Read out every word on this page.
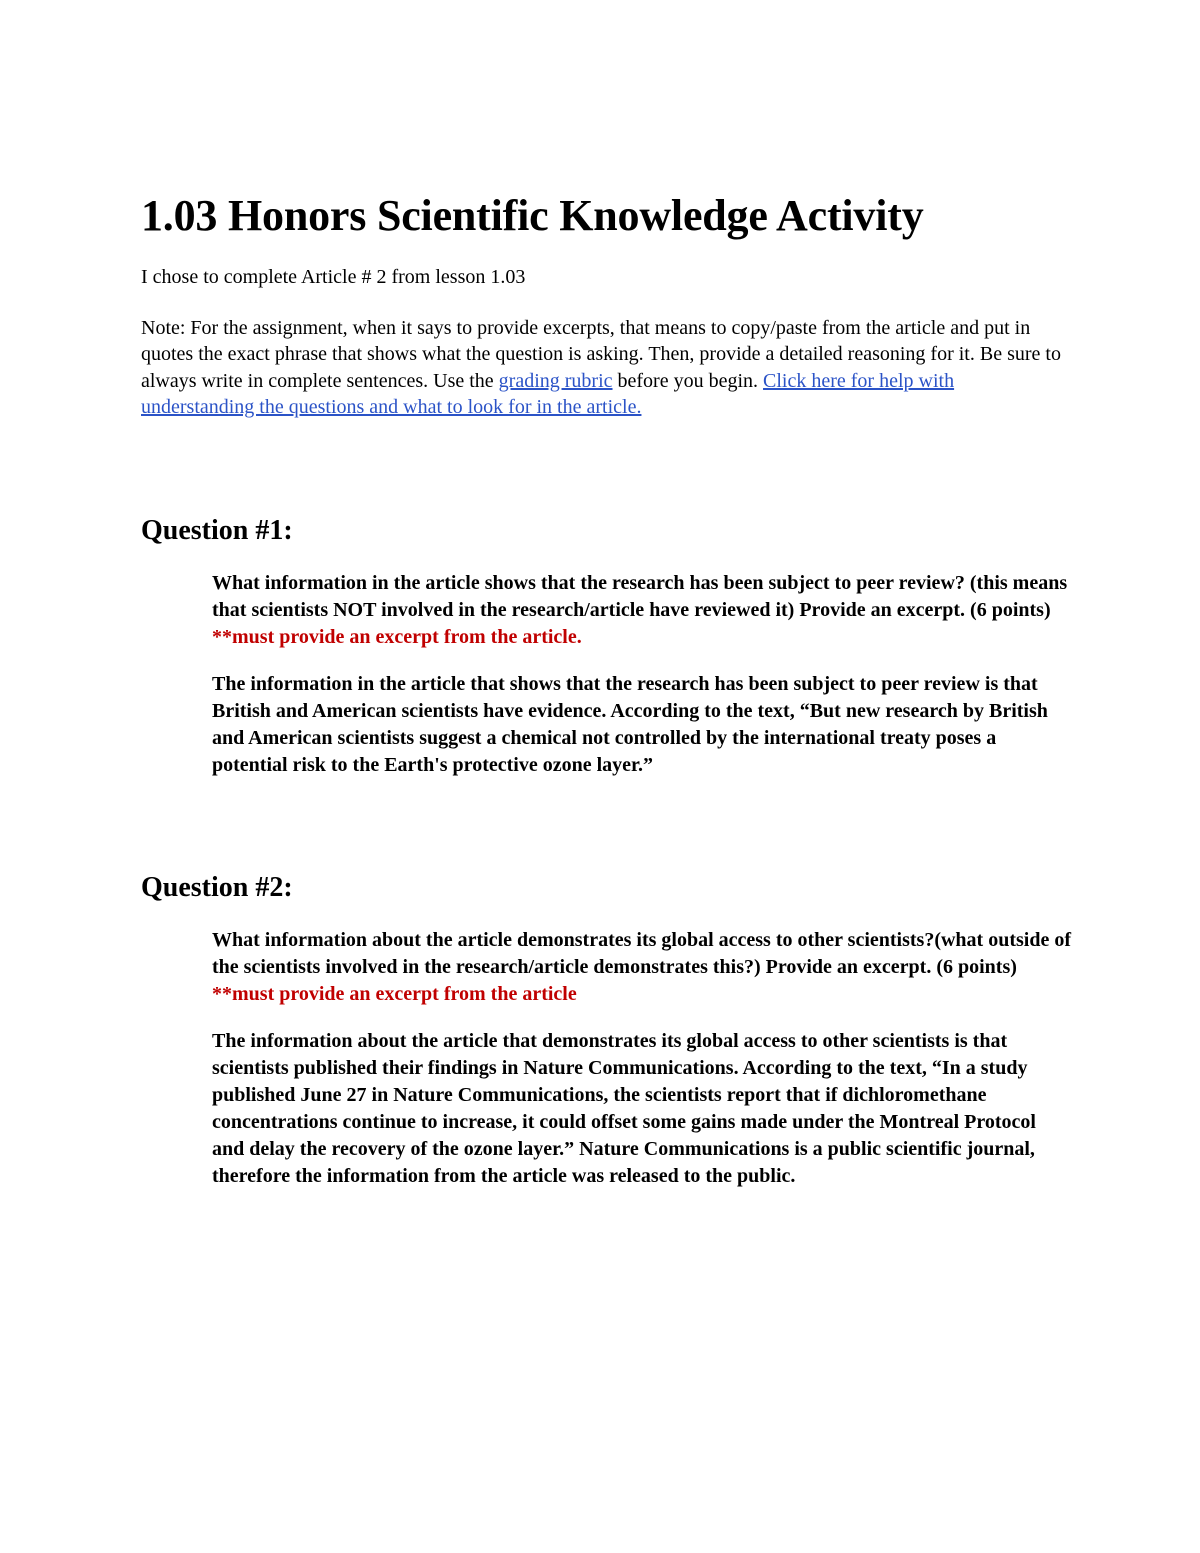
1.03 Honors Scientific Knowledge Activity

I chose to complete Article # 2 from lesson 1.03

Note: For the assignment, when it says to provide excerpts, that means to copy/paste from the article and put in quotes the exact phrase that shows what the question is asking. Then, provide a detailed reasoning for it. Be sure to always write in complete sentences. Use the grading rubric before you begin. Click here for help with understanding the questions and what to look for in the article.

Question #1:

What information in the article shows that the research has been subject to peer review? (this means that scientists NOT involved in the research/article have reviewed it) Provide an excerpt. (6 points) **must provide an excerpt from the article.

The information in the article that shows that the research has been subject to peer review is that British and American scientists have evidence. According to the text, “But new research by British and American scientists suggest a chemical not controlled by the international treaty poses a potential risk to the Earth's protective ozone layer.”

Question #2:

What information about the article demonstrates its global access to other scientists?(what outside of the scientists involved in the research/article demonstrates this?) Provide an excerpt. (6 points) **must provide an excerpt from the article

The information about the article that demonstrates its global access to other scientists is that scientists published their findings in Nature Communications. According to the text, “In a study published June 27 in Nature Communications, the scientists report that if dichloromethane concentrations continue to increase, it could offset some gains made under the Montreal Protocol and delay the recovery of the ozone layer.” Nature Communications is a public scientific journal, therefore the information from the article was released to the public.
